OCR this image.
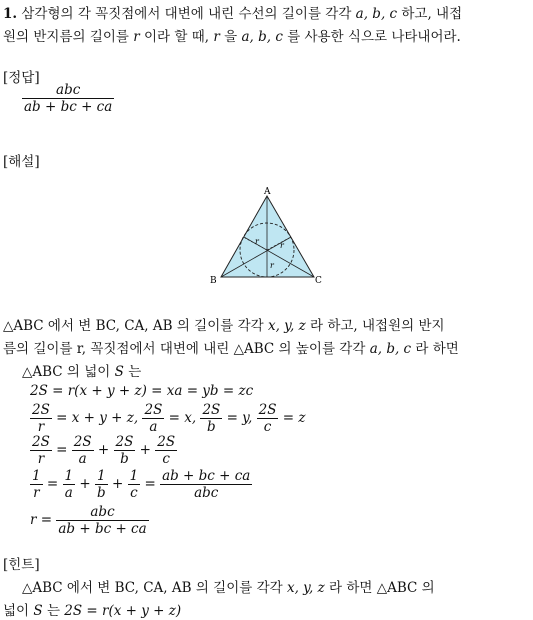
1. 삼각형의 각 꼭짓점에서 대변에 내린 수선의 길이를 각각 a, b, c 하고, 내접
원의 반지름의 길이를 r 이라 할 때, r 을 a, b, c 를 사용한 식으로 나타내어라.
[정답]
$\frac{\text{abc}}{ab + bc + ca}$
[해설]
A
B	C
r	r
r
△ABC 에서 변 BC, CA, AB 의 길이를 각각 x, y, z 라 하고, 내접원의 반지
름의 길이를 r, 꼭짓점에서 대변에 내린 △ABC 의 높이를 각각 a, b, c 라 하면
△ABC 의 넓이 S 는
2S = r(x + y + z) = xa = yb = zc
$\frac{2S}{r} = x + y + z$, $\frac{2S}{a} = x$, $\frac{2S}{b} = y$, $\frac{2S}{c} = z$
$\frac{2S}{r} = \frac{2S}{a} + \frac{2S}{b} + \frac{2S}{c}$
$\frac{1}{r} = \frac{1}{a} + \frac{1}{b} + \frac{1}{c} = \frac{ab + bc + ca}{\text{abc}}$
$r = \frac{\text{abc}}{ab + bc + ca}$
[힌트]
△ABC 에서 변 BC, CA, AB 의 길이를 각각 x, y, z 라 하면 △ABC 의
넓이 S 는 2S = r(x + y + z)
